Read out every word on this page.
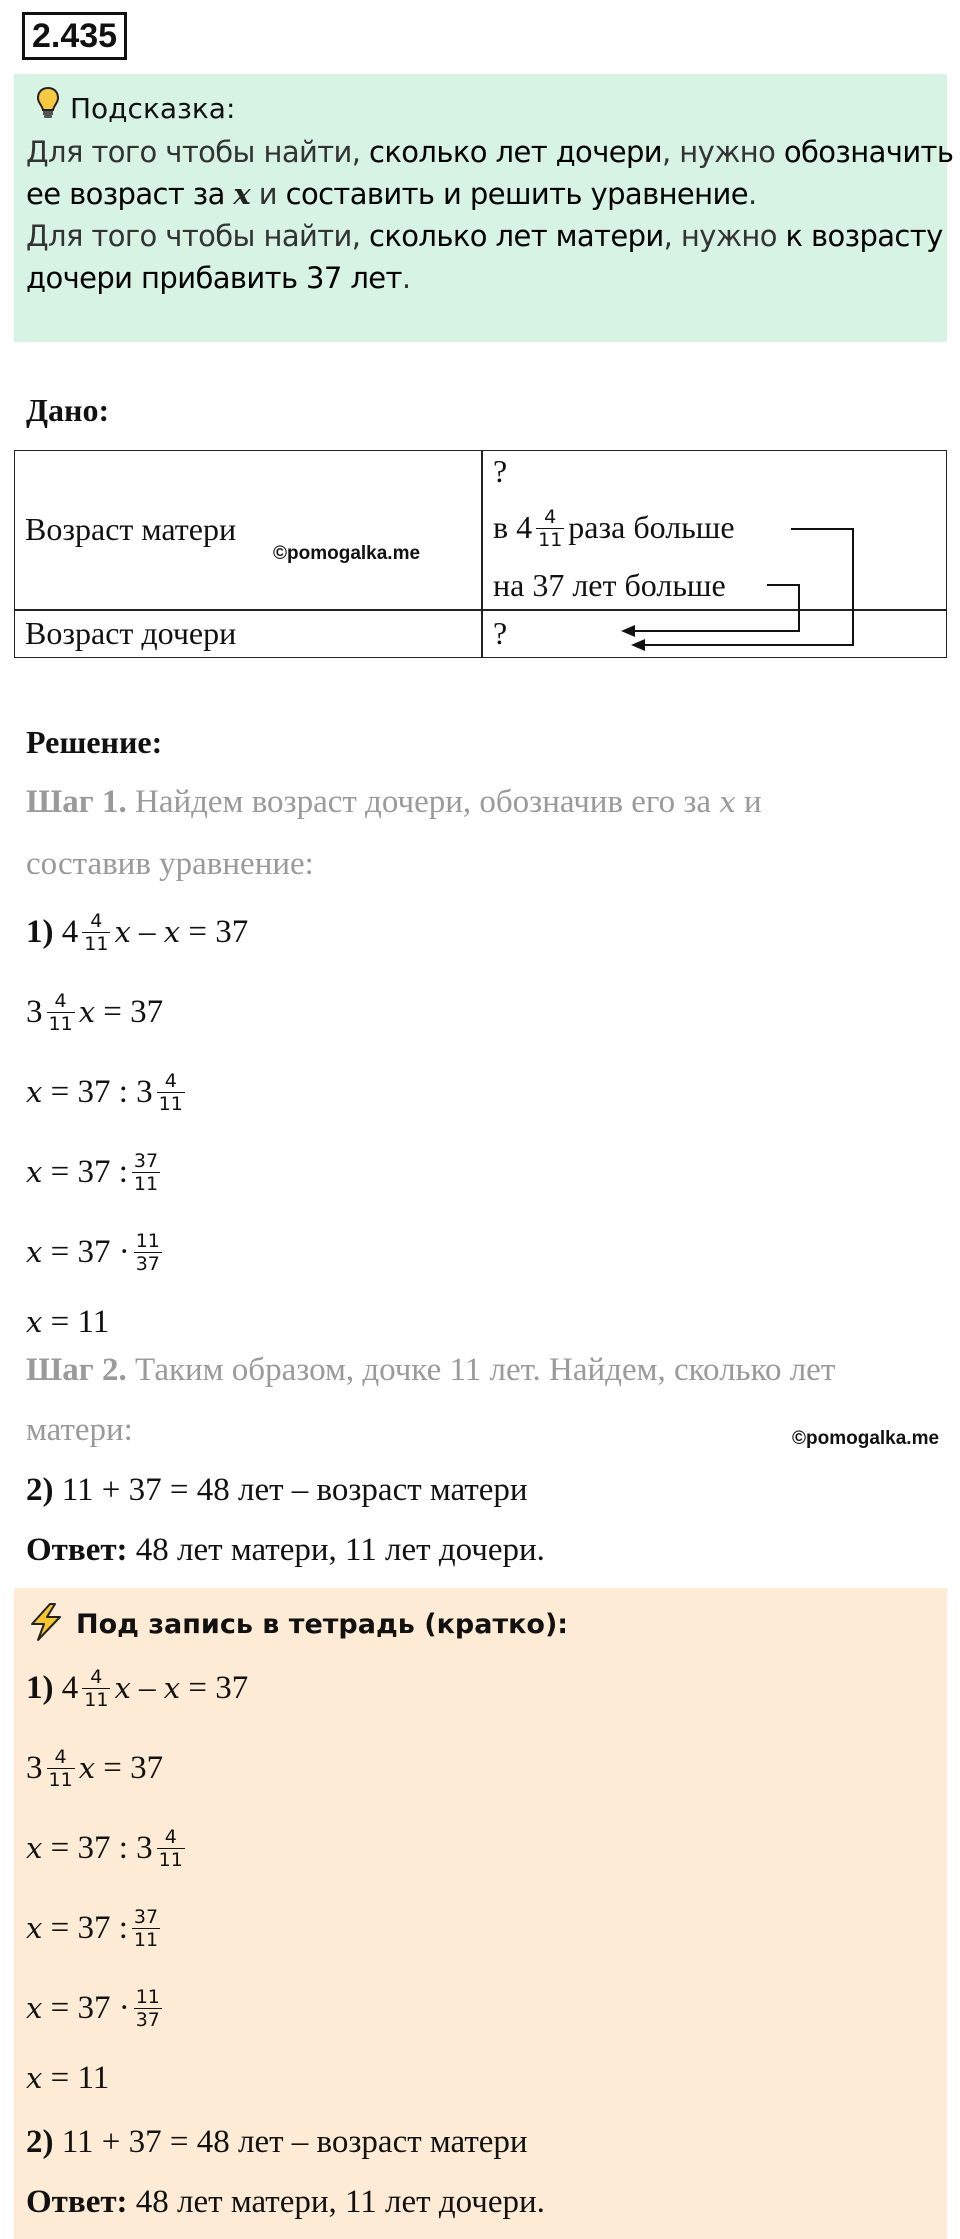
2.435
Подсказка:
Для того чтобы найти, сколько лет дочери, нужно обозначить
ее возраст за x и составить и решить уравнение.
Для того чтобы найти, сколько лет матери, нужно к возрасту
дочери прибавить 37 лет.
Дано:
Возраст матери
©pomogalka.me
?
в $4 \frac{4}{11}$ раза больше
на 37 лет больше
Возраст дочери	?
Решение:
Шаг 1. Найдем возраст дочери, обозначив его за x и
составив уравнение:
1) $4 \frac{4}{11}$ x – x = 37
$3 \frac{4}{11}$ x = 37
x = 37 : $3 \frac{4}{11}$
x = 37 : $\frac{37}{11}$
$x = 37 \cdot \frac{11}{37}$
x = 11
Шаг 2. Таким образом, дочке 11 лет. Найдем, сколько лет
матери:	©pomogalka.me
2) 11 + 37 = 48 лет – возраст матери
Ответ: 48 лет матери, 11 лет дочери.
Под запись в тетрадь (кратко):
1) $4 \frac{4}{11}$ x – x = 37
$3 \frac{4}{11}$ x = 37
x = 37 : $3 \frac{4}{11}$
x = 37 : $\frac{37}{11}$
$x = 37 \cdot \frac{11}{37}$
x = 11
2) 11 + 37 = 48 лет – возраст матери
Ответ: 48 лет матери, 11 лет дочери.
